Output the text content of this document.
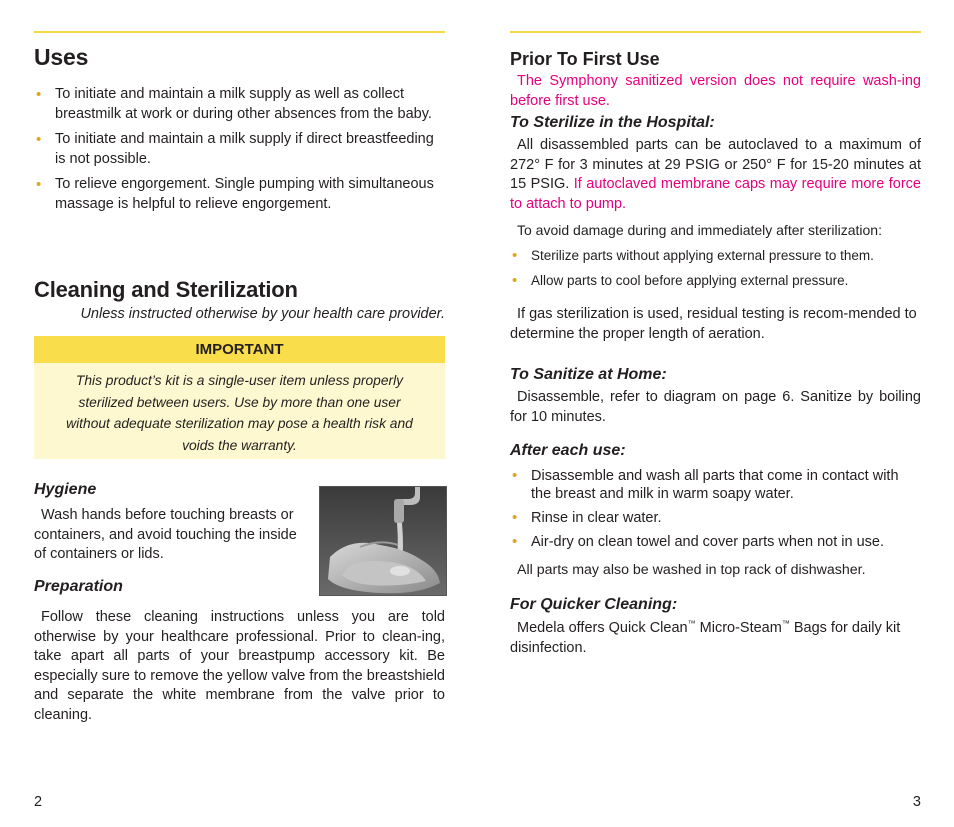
Uses
• To initiate and maintain a milk supply as well as collect breastmilk at work or during other absences from the baby.
• To initiate and maintain a milk supply if direct breastfeeding is not possible.
• To relieve engorgement. Single pumping with simultaneous massage is helpful to relieve engorgement.
Cleaning and Sterilization
Unless instructed otherwise by your health care provider.
IMPORTANT
This product’s kit is a single-user item unless properly sterilized between users. Use by more than one user without adequate sterilization may pose a health risk and voids the warranty.
Hygiene

Wash hands before touching breasts or containers, and avoid touching the inside of containers or lids.

Preparation

Follow these cleaning instructions unless you are told otherwise by your healthcare professional. Prior to clean-ing, take apart all parts of your breastpump accessory kit. Be especially sure to remove the yellow valve from the breastshield and separate the white membrane from the valve prior to cleaning.

2
Prior To First Use

The Symphony sanitized version does not require wash-ing before first use.

To Sterilize in the Hospital:

All disassembled parts can be autoclaved to a maximum of 272° F for 3 minutes at 29 PSIG or 250° F for 15-20 minutes at 15 PSIG. If autoclaved membrane caps may require more force to attach to pump.

To avoid damage during and immediately after sterilization:

• Sterilize parts without applying external pressure to them.
• Allow parts to cool before applying external pressure.

If gas sterilization is used, residual testing is recom-mended to determine the proper length of aeration.

To Sanitize at Home:

Disassemble, refer to diagram on page 6. Sanitize by boiling for 10 minutes.

After each use:
• Disassemble and wash all parts that come in contact with the breast and milk in warm soapy water.
• Rinse in clear water.
• Air-dry on clean towel and cover parts when not in use.

All parts may also be washed in top rack of dishwasher.

For Quicker Cleaning:

Medela offers Quick Clean™ Micro-Steam™ Bags for daily kit disinfection.

3
